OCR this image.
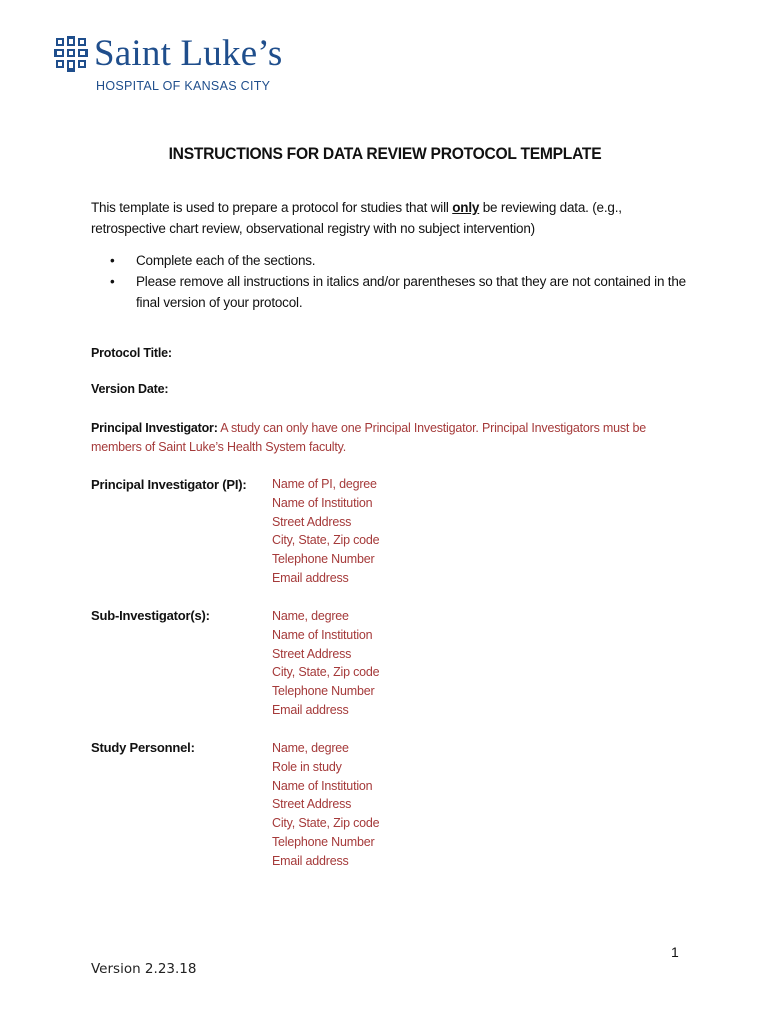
Saint Luke’s
HOSPITAL OF KANSAS CITY
INSTRUCTIONS FOR DATA REVIEW PROTOCOL TEMPLATE
This template is used to prepare a protocol for studies that will only be reviewing data. (e.g., retrospective chart review, observational registry with no subject intervention)
• Complete each of the sections.
• Please remove all instructions in italics and/or parentheses so that they are not contained in the final version of your protocol.
Protocol Title:
Version Date:
Principal Investigator: A study can only have one Principal Investigator. Principal Investigators must be members of Saint Luke’s Health System faculty.
Principal Investigator (PI): Name of PI, degree
Name of Institution
Street Address
City, State, Zip code
Telephone Number
Email address
Sub-Investigator(s):	Name, degree
Name of Institution
Street Address
City, State, Zip code
Telephone Number
Email address
Study Personnel:	Name, degree
Role in study
Name of Institution
Street Address
City, State, Zip code
Telephone Number
Email address
1
Version 2.23.18
